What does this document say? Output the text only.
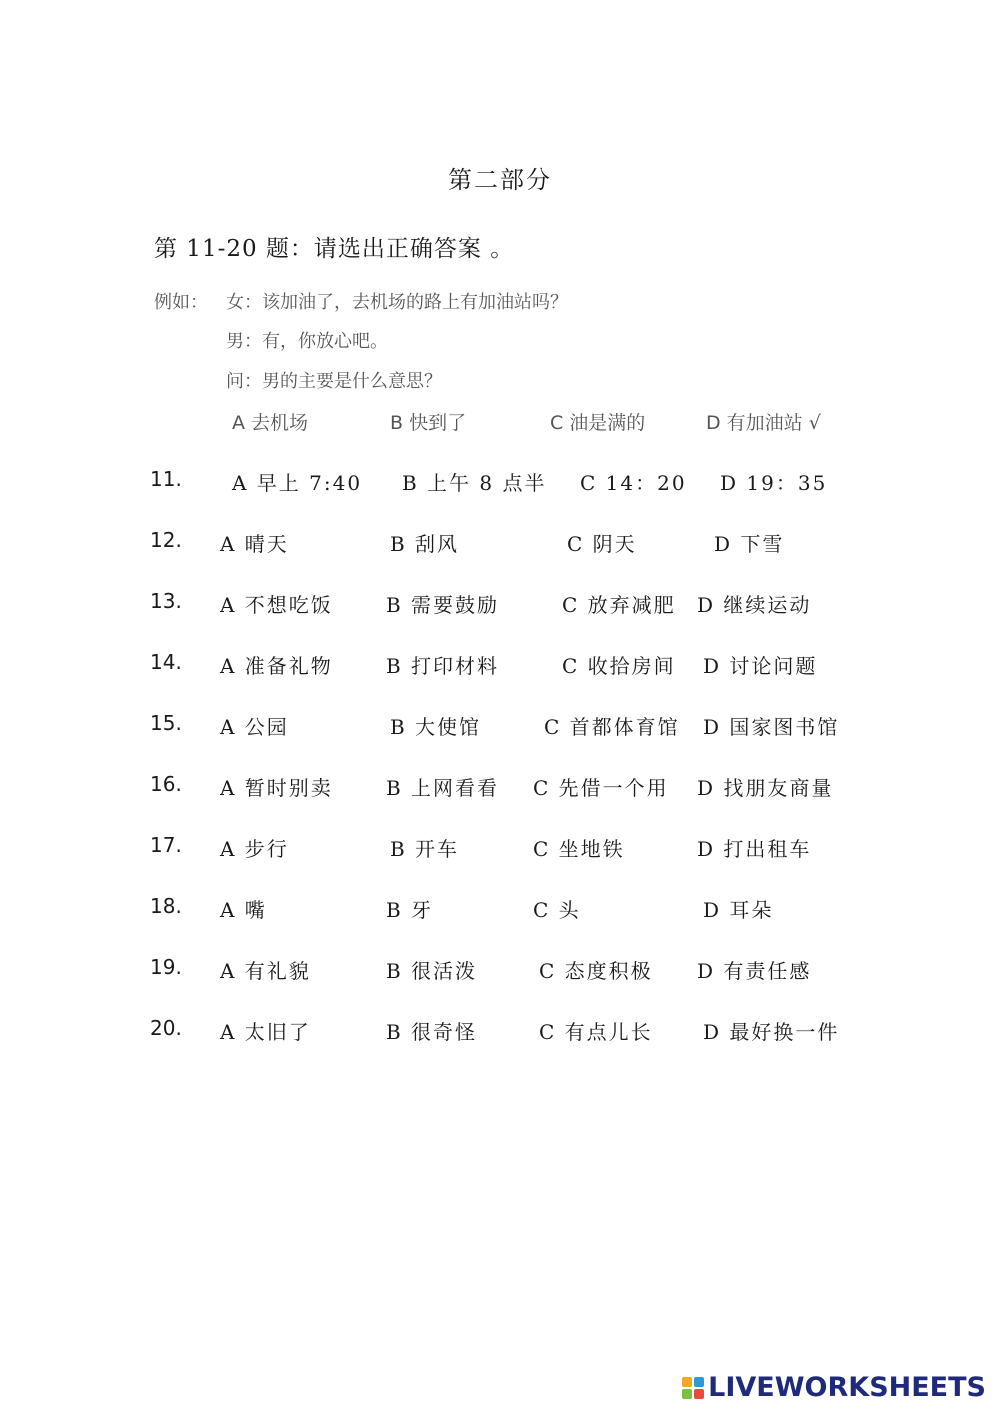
第二部分
第 11-20 题：请选出正确答案 。
例如： 女：该加油了，去机场的路上有加油站吗？
男：有，你放心吧。
问：男的主要是什么意思？
A 去机场	B 快到了	C 油是满的	D 有加油站 √
11.	A 早上 7:40 B 上午 8 点半 C 14：20 D 19：35
12. A 晴天	B 刮风	C 阴天	D 下雪
13. A 不想吃饭	B 需要鼓励	C 放弃减肥 D 继续运动
14. A 准备礼物	B 打印材料	C 收拾房间 D 讨论问题
15. A 公园	B 大使馆	C 首都体育馆 D 国家图书馆
16. A 暂时别卖	B 上网看看 C 先借一个用 D 找朋友商量
17. A 步行	B 开车	C 坐地铁	D 打出租车
18. A 嘴	B 牙	C 头	D 耳朵
19. A 有礼貌	B 很活泼	C 态度积极 D 有责任感
20. A 太旧了	B 很奇怪	C 有点儿长	D 最好换一件
LIVEWORKSHEETS
